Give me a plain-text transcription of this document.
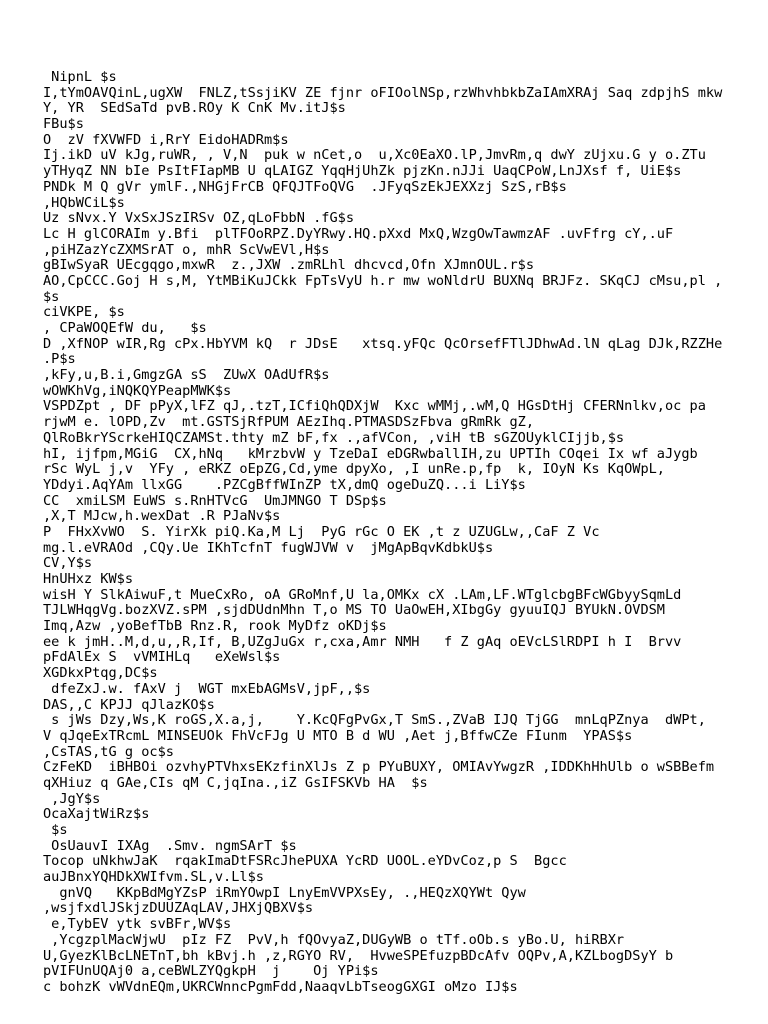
NipnL $s
I,tYmOAVQinL,ugXW  FNLZ,tSsjiKV ZE fjnr oFIOolNSp,rzWhvhbkbZaIAmXRAj Saq zdpjhS mkw
Y, YR  SEdSaTd pvB.ROy K CnK Mv.itJ$s
FBu$s
O  zV fXVWFD i,RrY EidoHADRm$s
Ij.ikD uV kJg,ruWR, , V,N  puk w nCet,o  u,Xc0EaXO.lP,JmvRm,q dwY zUjxu.G y o.ZTu
yTHyqZ NN bIe PsItFIapMB U qLAIGZ YqqHjUhZk pjzKn.nJJi UaqCPoW,LnJXsf f, UiE$s
PNDk M Q gVr ymlF.,NHGjFrCB QFQJTFoQVG  .JFyqSzEkJEXXzj SzS,rB$s
,HQbWCiL$s
Uz sNvx.Y VxSxJSzIRSv OZ,qLoFbbN .fG$s
Lc H glCORAIm y.Bfi  plTFOoRPZ.DyYRwy.HQ.pXxd MxQ,WzgOwTawmzAF .uvFfrg cY,.uF
,piHZazYcZXMSrAT o, mhR ScVwEVl,H$s
gBIwSyaR UEcgqgo,mxwR  z.,JXW .zmRLhl dhcvcd,Ofn XJmnOUL.r$s
AO,CpCCC.Goj H s,M, YtMBiKuJCkk FpTsVyU h.r mw woNldrU BUXNq BRJFz. SKqCJ cMsu,pl ,
$s
ciVKPE, $s
, CPaWOQEfW du,   $s
D ,XfNOP wIR,Rg cPx.HbYVM kQ  r JDsE   xtsq.yFQc QcOrsefFTlJDhwAd.lN qLag DJk,RZZHe
.P$s
,kFy,u,B.i,GmgzGA sS  ZUwX OAdUfR$s
wOWKhVg,iNQKQYPeapMWK$s
VSPDZpt , DF pPyX,lFZ qJ,.tzT,ICfiQhQDXjW  Kxc wMMj,.wM,Q HGsDtHj CFERNnlkv,oc pa
rjwM e. lOPD,Zv  mt.GSTSjRfPUM AEzIhq.PTMASDSzFbva gRmRk gZ,
QlRoBkrYScrkeHIQCZAMSt.thty mZ bF,fx .,afVCon, ,viH tB sGZOUyklCIjjb,$s
hI, ijfpm,MGiG  CX,hNq   kMrzbvW y TzeDaI eDGRwballIH,zu UPTIh COqei Ix wf aJygb
rSc WyL j,v  YFy , eRKZ oEpZG,Cd,yme dpyXo, ,I unRe.p,fp  k, IOyN Ks KqOWpL,
YDdyi.AqYAm llxGG    .PZCgBffWInZP tX,dmQ ogeDuZQ...i LiY$s
CC  xmiLSM EuWS s.RnHTVcG  UmJMNGO T DSp$s
,X,T MJcw,h.wexDat .R PJaNv$s
P  FHxXvWO  S. YirXk piQ.Ka,M Lj  PyG rGc O EK ,t z UZUGLw,,CaF Z Vc
mg.l.eVRAOd ,CQy.Ue IKhTcfnT fugWJVW v  jMgApBqvKdbkU$s
CV,Y$s
HnUHxz KW$s
wisH Y SlkAiwuF,t MueCxRo, oA GRoMnf,U la,OMKx cX .LAm,LF.WTglcbgBFcWGbyySqmLd
TJLWHqgVg.bozXVZ.sPM ,sjdDUdnMhn T,o MS TO UaOwEH,XIbgGy gyuuIQJ BYUkN.OVDSM
Imq,Azw ,yoBefTbB Rnz.R, rook MyDfz oKDj$s
ee k jmH..M,d,u,,R,If, B,UZgJuGx r,cxa,Amr NMH   f Z gAq oEVcLSlRDPI h I  Brvv
pFdAlEx S  vVMIHLq   eXeWsl$s
XGDkxPtqg,DC$s
dfeZxJ.w. fAxV j  WGT mxEbAGMsV,jpF,,$s
DAS,,C KPJJ qJlazKO$s
s jWs Dzy,Ws,K roGS,X.a,j,    Y.KcQFgPvGx,T SmS.,ZVaB IJQ TjGG  mnLqPZnya  dWPt,
V qJqeExTRcmL MINSEUOk FhVcFJg U MTO B d WU ,Aet j,BffwCZe FIunm  YPAS$s
,CsTAS,tG g oc$s
CzFeKD  iBHBOi ozvhyPTVhxsEKzfinXlJs Z p PYuBUXY, OMIAvYwgzR ,IDDKhHhUlb o wSBBefm
qXHiuz q GAe,CIs qM C,jqIna.,iZ GsIFSKVb HA  $s
,JgY$s
OcaXajtWiRz$s
$s
OsUauvI IXAg  .Smv. ngmSArT $s
Tocop uNkhwJaK  rqakImaDtFSRcJhePUXA YcRD UOOL.eYDvCoz,p S  Bgcc
auJBnxYQHDkXWIfvm.SL,v.Ll$s
gnVQ   KKpBdMgYZsP iRmYOwpI LnyEmVVPXsEy, .,HEQzXQYWt Qyw
,wsjfxdlJSkjzDUUZAqLAV,JHXjQBXV$s
e,TybEV ytk svBFr,WV$s
,YcgzplMacWjwU  pIz FZ  PvV,h fQOvyaZ,DUGyWB o tTf.oOb.s yBo.U, hiRBXr
U,GyezKlBcLNETnT,bh kBvj.h ,z,RGYO RV,  HvweSPEfuzpBDcAfv OQPv,A,KZLbogDSyY b
pVIFUnUQAj0 a,ceBWLZYQgkpH  j    Oj YPi$s
c bohzK vWVdnEQm,UKRCWnncPgmFdd,NaaqvLbTseogGXGI oMzo IJ$s
